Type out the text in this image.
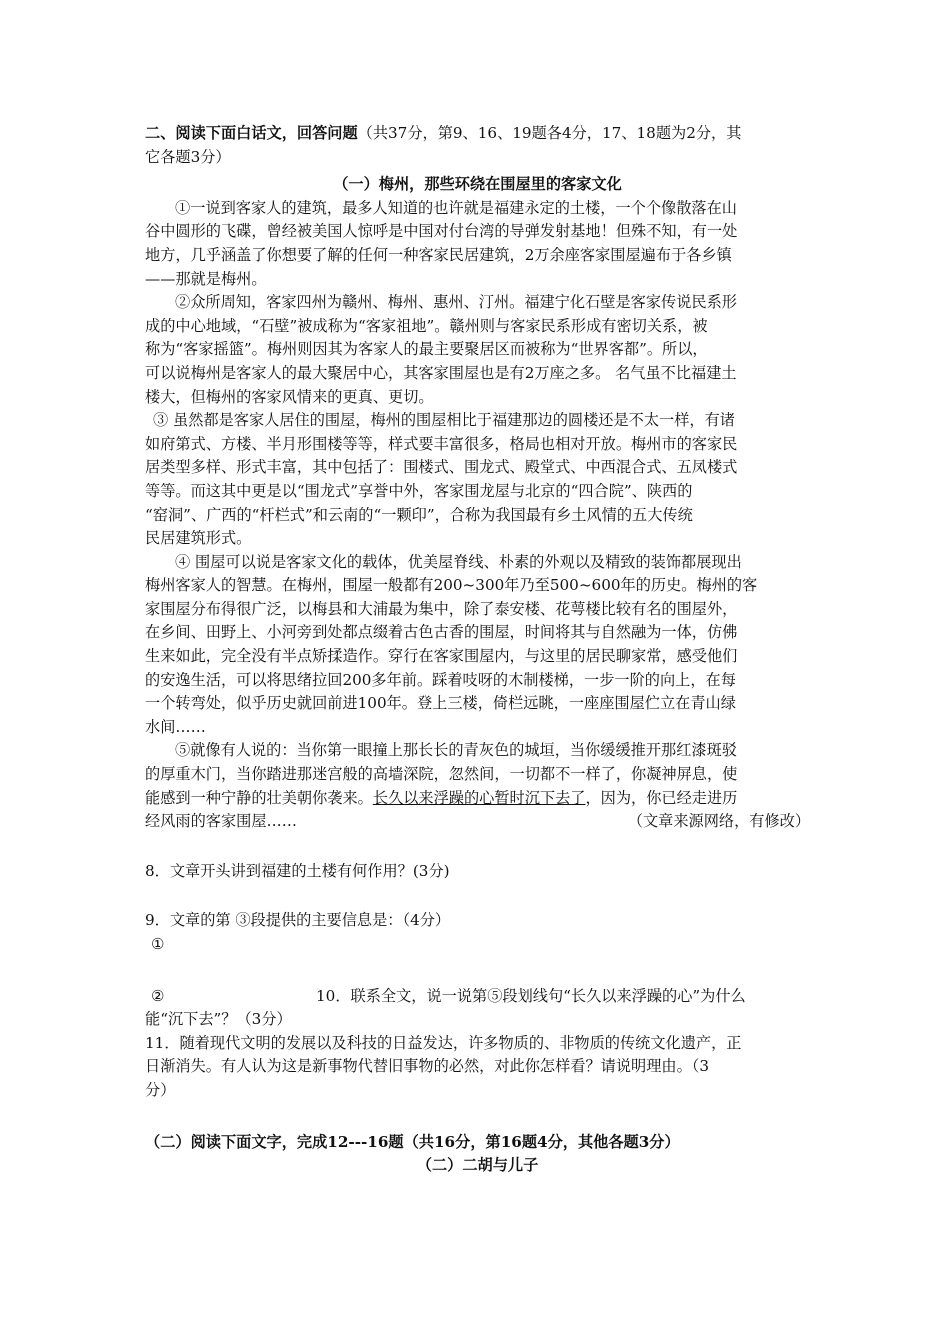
二、阅读下面白话文，回答问题（共37分，第9、16、19题各4分，17、18题为2分，其
它各题3分）
（一）梅州，那些环绕在围屋里的客家文化
①一说到客家人的建筑，最多人知道的也许就是福建永定的土楼，一个个像散落在山
谷中圆形的飞碟，曾经被美国人惊呼是中国对付台湾的导弹发射基地！但殊不知，有一处
地方，几乎涵盖了你想要了解的任何一种客家民居建筑，2万余座客家围屋遍布于各乡镇
——那就是梅州。
②众所周知，客家四州为赣州、梅州、惠州、汀州。福建宁化石壁是客家传说民系形
成的中心地域，“石壁”被成称为“客家祖地”。赣州则与客家民系形成有密切关系，被
称为“客家摇篮”。梅州则因其为客家人的最主要聚居区而被称为“世界客都”。所以，
可以说梅州是客家人的最大聚居中心，其客家围屋也是有2万座之多。 名气虽不比福建土
楼大，但梅州的客家风情来的更真、更切。
③ 虽然都是客家人居住的围屋，梅州的围屋相比于福建那边的圆楼还是不太一样，有诸
如府第式、方楼、半月形围楼等等，样式要丰富很多，格局也相对开放。梅州市的客家民
居类型多样、形式丰富，其中包括了：围楼式、围龙式、殿堂式、中西混合式、五凤楼式
等等。而这其中更是以“围龙式”享誉中外，客家围龙屋与北京的“四合院”、陕西的
“窑洞”、广西的“杆栏式”和云南的“一颗印”，合称为我国最有乡土风情的五大传统
民居建筑形式。
④ 围屋可以说是客家文化的载体，优美屋脊线、朴素的外观以及精致的装饰都展现出
梅州客家人的智慧。在梅州，围屋一般都有200~300年乃至500~600年的历史。梅州的客
家围屋分布得很广泛，以梅县和大浦最为集中，除了泰安楼、花萼楼比较有名的围屋外，
在乡间、田野上、小河旁到处都点缀着古色古香的围屋，时间将其与自然融为一体，仿佛
生来如此，完全没有半点矫揉造作。穿行在客家围屋内，与这里的居民聊家常，感受他们
的安逸生活，可以将思绪拉回200多年前。踩着吱呀的木制楼梯，一步一阶的向上，在每
一个转弯处，似乎历史就回前进100年。登上三楼，倚栏远眺，一座座围屋伫立在青山绿
水间……
⑤就像有人说的：当你第一眼撞上那长长的青灰色的城垣，当你缓缓推开那红漆斑驳
的厚重木门，当你踏进那迷宫般的高墙深院，忽然间，一切都不一样了，你凝神屏息，使
能感到一种宁静的壮美朝你袭来。长久以来浮躁的心暂时沉下去了，因为，你已经走进历
经风雨的客家围屋……	（文章来源网络，有修改）
8．文章开头讲到福建的土楼有何作用？(3分)
9．文章的第 ③段提供的主要信息是：（4分）
①
②	10．联系全文，说一说第⑤段划线句“长久以来浮躁的心”为什么
能“沉下去”？（3分）
11．随着现代文明的发展以及科技的日益发达，许多物质的、非物质的传统文化遗产，正
日渐消失。有人认为这是新事物代替旧事物的必然，对此你怎样看？请说明理由。（3
分）
（二）阅读下面文字，完成12---16题（共16分，第16题4分，其他各题3分）
（二）二胡与儿子
